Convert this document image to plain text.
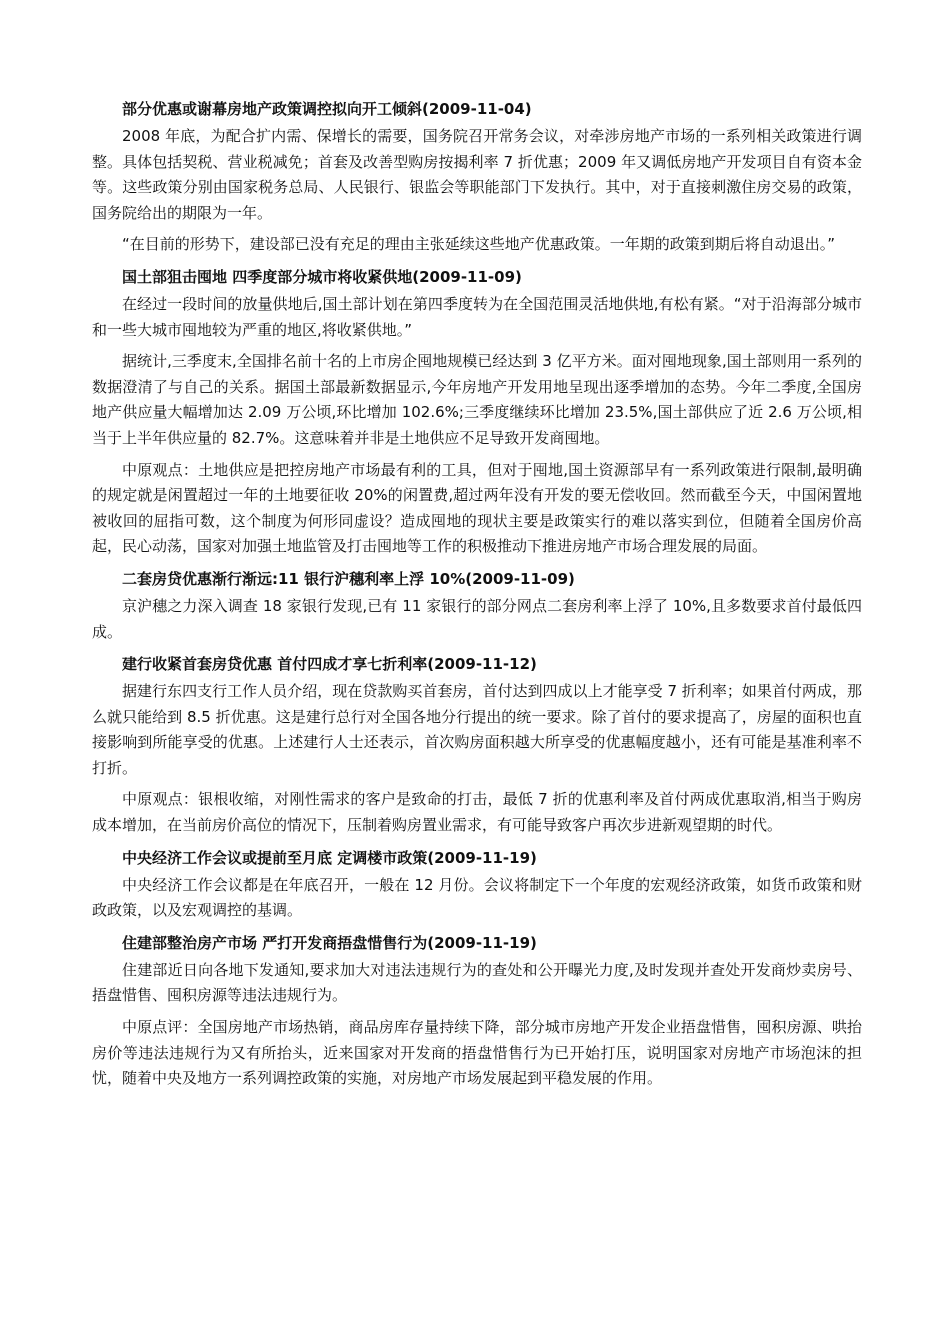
部分优惠或谢幕房地产政策调控拟向开工倾斜(2009-11-04)

2008 年底，为配合扩内需、保增长的需要，国务院召开常务会议，对牵涉房地产市场的一系列相关政策进行调整。具体包括契税、营业税减免；首套及改善型购房按揭利率 7 折优惠；2009 年又调低房地产开发项目自有资本金等。这些政策分别由国家税务总局、人民银行、银监会等职能部门下发执行。其中，对于直接刺激住房交易的政策，国务院给出的期限为一年。

“在目前的形势下，建设部已没有充足的理由主张延续这些地产优惠政策。一年期的政策到期后将自动退出。”

国土部狙击囤地 四季度部分城市将收紧供地(2009-11-09)

在经过一段时间的放量供地后,国土部计划在第四季度转为在全国范围灵活地供地,有松有紧。“对于沿海部分城市和一些大城市囤地较为严重的地区,将收紧供地。”

据统计,三季度末,全国排名前十名的上市房企囤地规模已经达到 3 亿平方米。面对囤地现象,国土部则用一系列的数据澄清了与自己的关系。据国土部最新数据显示,今年房地产开发用地呈现出逐季增加的态势。今年二季度,全国房地产供应量大幅增加达 2.09 万公顷,环比增加 102.6%;三季度继续环比增加 23.5%,国土部供应了近 2.6 万公顷,相当于上半年供应量的 82.7%。这意味着并非是土地供应不足导致开发商囤地。

中原观点：土地供应是把控房地产市场最有利的工具，但对于囤地,国土资源部早有一系列政策进行限制,最明确的规定就是闲置超过一年的土地要征收 20%的闲置费,超过两年没有开发的要无偿收回。然而截至今天，中国闲置地被收回的屈指可数，这个制度为何形同虚设？造成囤地的现状主要是政策实行的难以落实到位，但随着全国房价高起，民心动荡，国家对加强土地监管及打击囤地等工作的积极推动下推进房地产市场合理发展的局面。

二套房贷优惠渐行渐远:11 银行沪穗利率上浮 10%(2009-11-09)

京沪穗之力深入调查 18 家银行发现,已有 11 家银行的部分网点二套房利率上浮了 10%,且多数要求首付最低四成。

建行收紧首套房贷优惠 首付四成才享七折利率(2009-11-12)

据建行东四支行工作人员介绍，现在贷款购买首套房，首付达到四成以上才能享受 7 折利率；如果首付两成，那么就只能给到 8.5 折优惠。这是建行总行对全国各地分行提出的统一要求。除了首付的要求提高了，房屋的面积也直接影响到所能享受的优惠。上述建行人士还表示，首次购房面积越大所享受的优惠幅度越小，还有可能是基准利率不打折。

中原观点：银根收缩，对刚性需求的客户是致命的打击，最低 7 折的优惠利率及首付两成优惠取消,相当于购房成本增加，在当前房价高位的情况下，压制着购房置业需求，有可能导致客户再次步进新观望期的时代。

中央经济工作会议或提前至月底 定调楼市政策(2009-11-19)

中央经济工作会议都是在年底召开，一般在 12 月份。会议将制定下一个年度的宏观经济政策，如货币政策和财政政策，以及宏观调控的基调。

住建部整治房产市场 严打开发商捂盘惜售行为(2009-11-19)

住建部近日向各地下发通知,要求加大对违法违规行为的查处和公开曝光力度,及时发现并查处开发商炒卖房号、捂盘惜售、囤积房源等违法违规行为。

中原点评：全国房地产市场热销，商品房库存量持续下降，部分城市房地产开发企业捂盘惜售，囤积房源、哄抬房价等违法违规行为又有所抬头，近来国家对开发商的捂盘惜售行为已开始打压，说明国家对房地产市场泡沫的担忧，随着中央及地方一系列调控政策的实施，对房地产市场发展起到平稳发展的作用。
